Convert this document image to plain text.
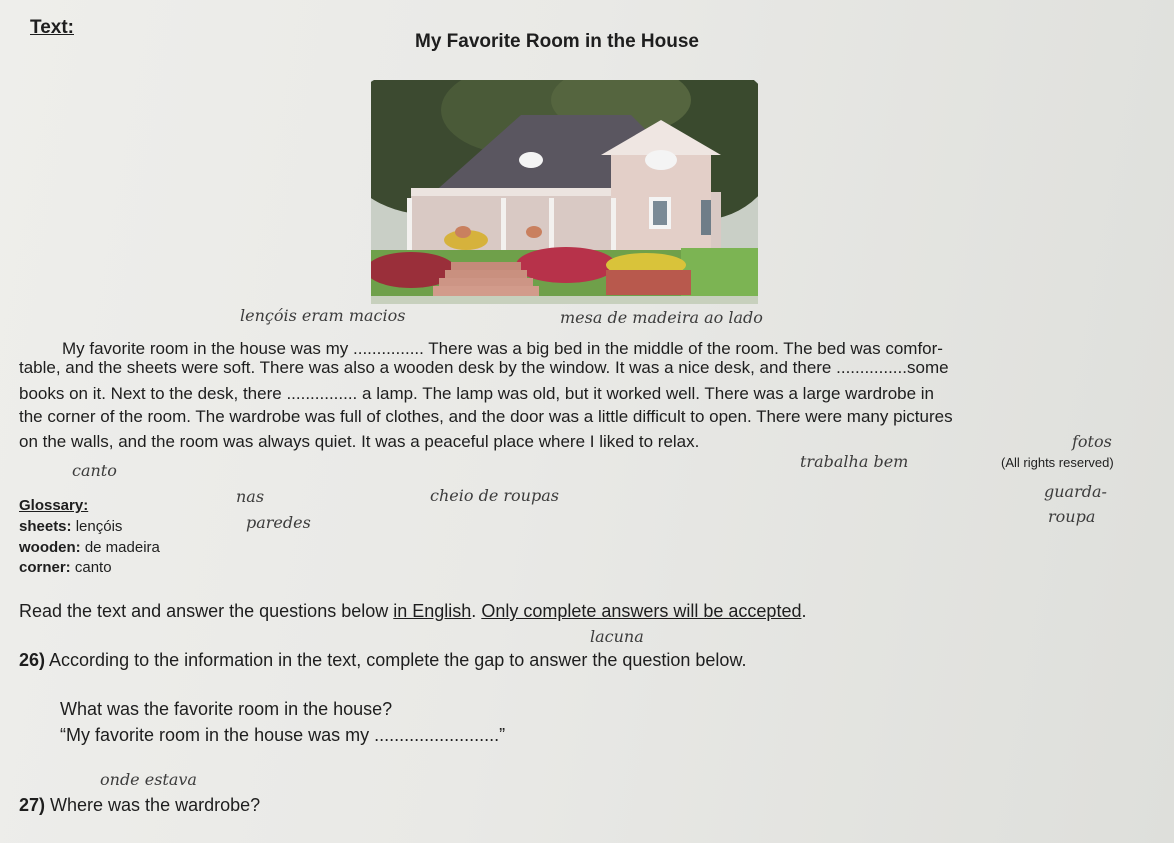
Text:
My Favorite Room in the House
lençóis eram macios	mesa de madeira ao lado
My favorite room in the house was my ............... There was a big bed in the middle of the room. The bed was comfor-
table, and the sheets were soft. There was also a wooden desk by the window. It was a nice desk, and there ...............some
books on it. Next to the desk, there ............... a lamp. The lamp was old, but it worked well. There was a large wardrobe in
the corner of the room. The wardrobe was full of clothes, and the door was a little difficult to open. There were many pictures
on the walls, and the room was always quiet. It was a peaceful place where I liked to relax.	fotos
trabalha bem	(All rights reserved)
canto
nas
paredes
cheio de roupas	guarda-
roupa
Glossary:
sheets: lençóis
wooden: de madeira
corner: canto
Read the text and answer the questions below in English. Only complete answers will be accepted.
lacuna
26) According to the information in the text, complete the gap to answer the question below.
What was the favorite room in the house?
“My favorite room in the house was my .........................”
onde estava
27) Where was the wardrobe?
